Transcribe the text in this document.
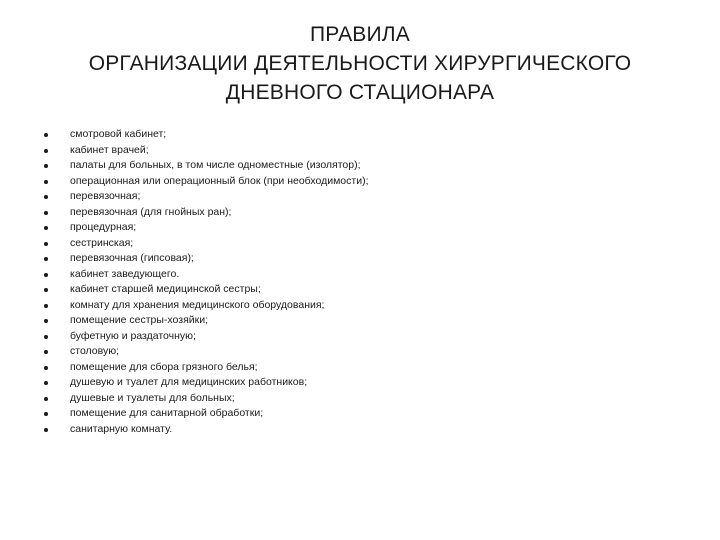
ПРАВИЛА
ОРГАНИЗАЦИИ ДЕЯТЕЛЬНОСТИ ХИРУРГИЧЕСКОГО
ДНЕВНОГО СТАЦИОНАРА
смотровой кабинет;
кабинет врачей;
палаты для больных, в том числе одноместные (изолятор);
операционная или операционный блок (при необходимости);
перевязочная;
перевязочная (для гнойных ран);
процедурная;
сестринская;
перевязочная (гипсовая);
кабинет заведующего.
кабинет старшей медицинской сестры;
комнату для хранения медицинского оборудования;
помещение сестры-хозяйки;
буфетную и раздаточную;
столовую;
помещение для сбора грязного белья;
душевую и туалет для медицинских работников;
душевые и туалеты для больных;
помещение для санитарной обработки;
санитарную комнату.
